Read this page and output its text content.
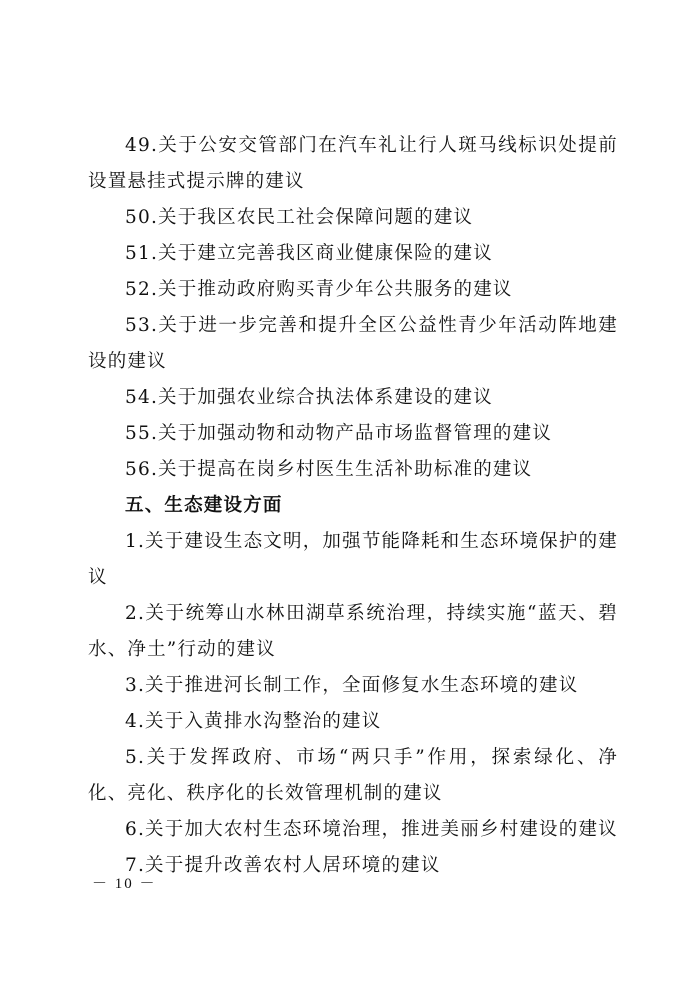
49.关于公安交管部门在汽车礼让行人斑马线标识处提前设置悬挂式提示牌的建议

50.关于我区农民工社会保障问题的建议

51.关于建立完善我区商业健康保险的建议

52.关于推动政府购买青少年公共服务的建议

53.关于进一步完善和提升全区公益性青少年活动阵地建设的建议

54.关于加强农业综合执法体系建设的建议

55.关于加强动物和动物产品市场监督管理的建议

56.关于提高在岗乡村医生生活补助标准的建议

五、生态建设方面

1.关于建设生态文明，加强节能降耗和生态环境保护的建议

2.关于统筹山水林田湖草系统治理，持续实施“蓝天、碧水、净土”行动的建议

3.关于推进河长制工作，全面修复水生态环境的建议

4.关于入黄排水沟整治的建议

5.关于发挥政府、市场“两只手”作用，探索绿化、净化、亮化、秩序化的长效管理机制的建议

6.关于加大农村生态环境治理，推进美丽乡村建设的建议

7.关于提升改善农村人居环境的建议

－ 10 －
